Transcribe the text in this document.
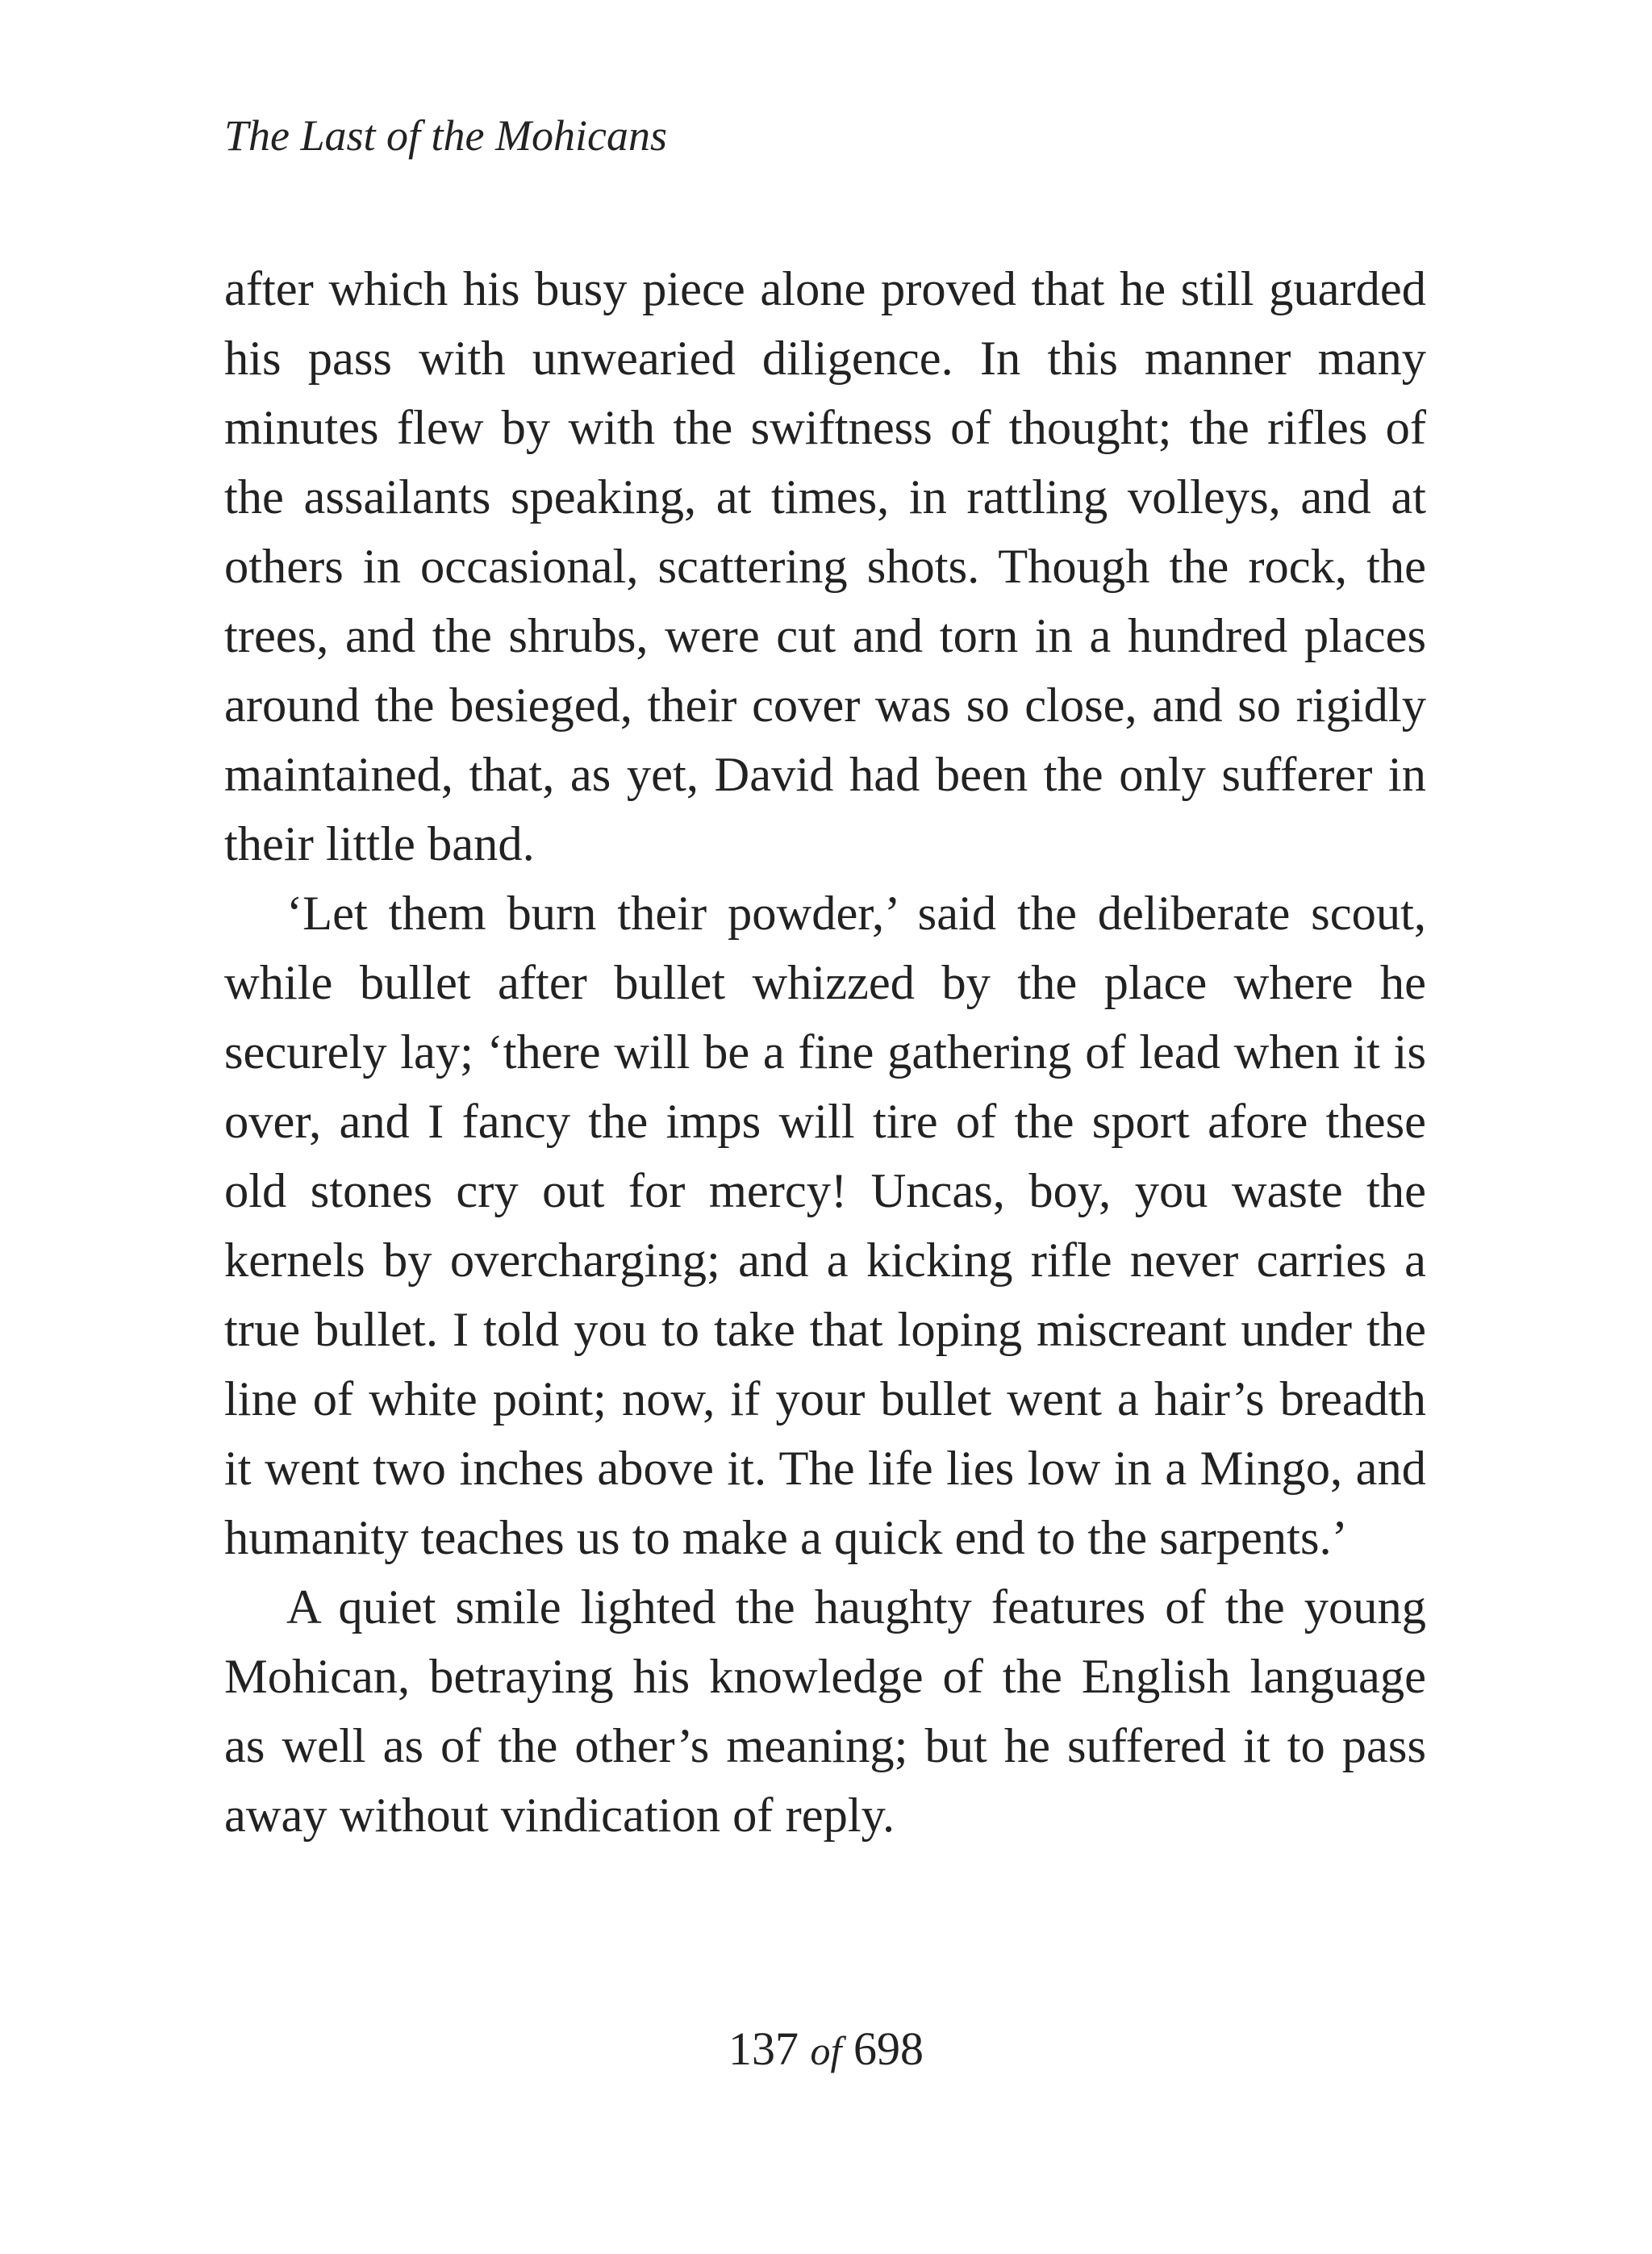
The Last of the Mohicans

after which his busy piece alone proved that he still guarded his pass with unwearied diligence. In this manner many minutes flew by with the swiftness of thought; the rifles of the assailants speaking, at times, in rattling volleys, and at others in occasional, scattering shots. Though the rock, the trees, and the shrubs, were cut and torn in a hundred places around the besieged, their cover was so close, and so rigidly maintained, that, as yet, David had been the only sufferer in their little band.

‘Let them burn their powder,’ said the deliberate scout, while bullet after bullet whizzed by the place where he securely lay; ‘there will be a fine gathering of lead when it is over, and I fancy the imps will tire of the sport afore these old stones cry out for mercy! Uncas, boy, you waste the kernels by overcharging; and a kicking rifle never carries a true bullet. I told you to take that loping miscreant under the line of white point; now, if your bullet went a hair’s breadth it went two inches above it. The life lies low in a Mingo, and humanity teaches us to make a quick end to the sarpents.’

A quiet smile lighted the haughty features of the young Mohican, betraying his knowledge of the English language as well as of the other’s meaning; but he suffered it to pass away without vindication of reply.

137 of 698
